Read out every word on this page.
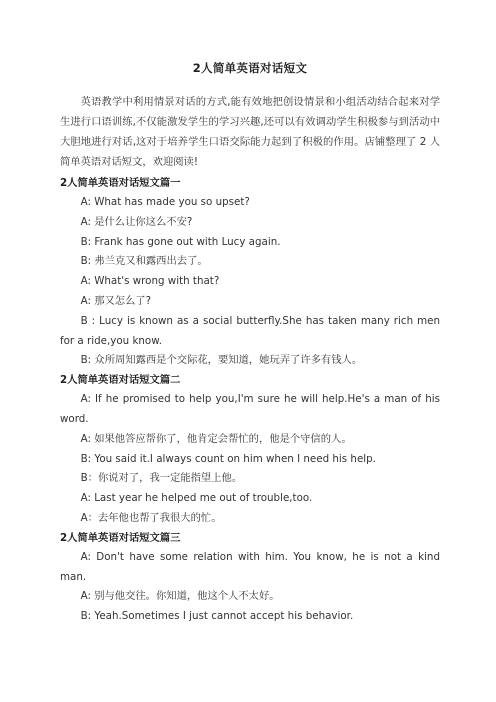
2人简单英语对话短文
英语教学中利用情景对话的方式,能有效地把创设情景和小组活动结合起来对学生进行口语训练,不仅能激发学生的学习兴趣,还可以有效调动学生积极参与到活动中大胆地进行对话,这对于培养学生口语交际能力起到了积极的作用。店铺整理了 2 人简单英语对话短文，欢迎阅读!
2人简单英语对话短文篇一
A: What has made you so upset?
A: 是什么让你这么不安?
B: Frank has gone out with Lucy again.
B: 弗兰克又和露西出去了。
A: What's wrong with that?
A: 那又怎么了?
B : Lucy is known as a social butterfly.She has taken many rich men for a ride,you know.
B: 众所周知露西是个交际花，要知道，她玩弄了许多有钱人。
2人简单英语对话短文篇二
A: If he promised to help you,I'm sure he will help.He's a man of his word.
A: 如果他答应帮你了，他肯定会帮忙的，他是个守信的人。
B: You said it.I always count on him when I need his help.
B：你说对了，我一定能指望上他。
A: Last year he helped me out of trouble,too.
A：去年他也帮了我很大的忙。
2人简单英语对话短文篇三
A: Don't have some relation with him. You know, he is not a kind man.
A: 别与他交往。你知道，他这个人不太好。
B: Yeah.Sometimes I just cannot accept his behavior.
